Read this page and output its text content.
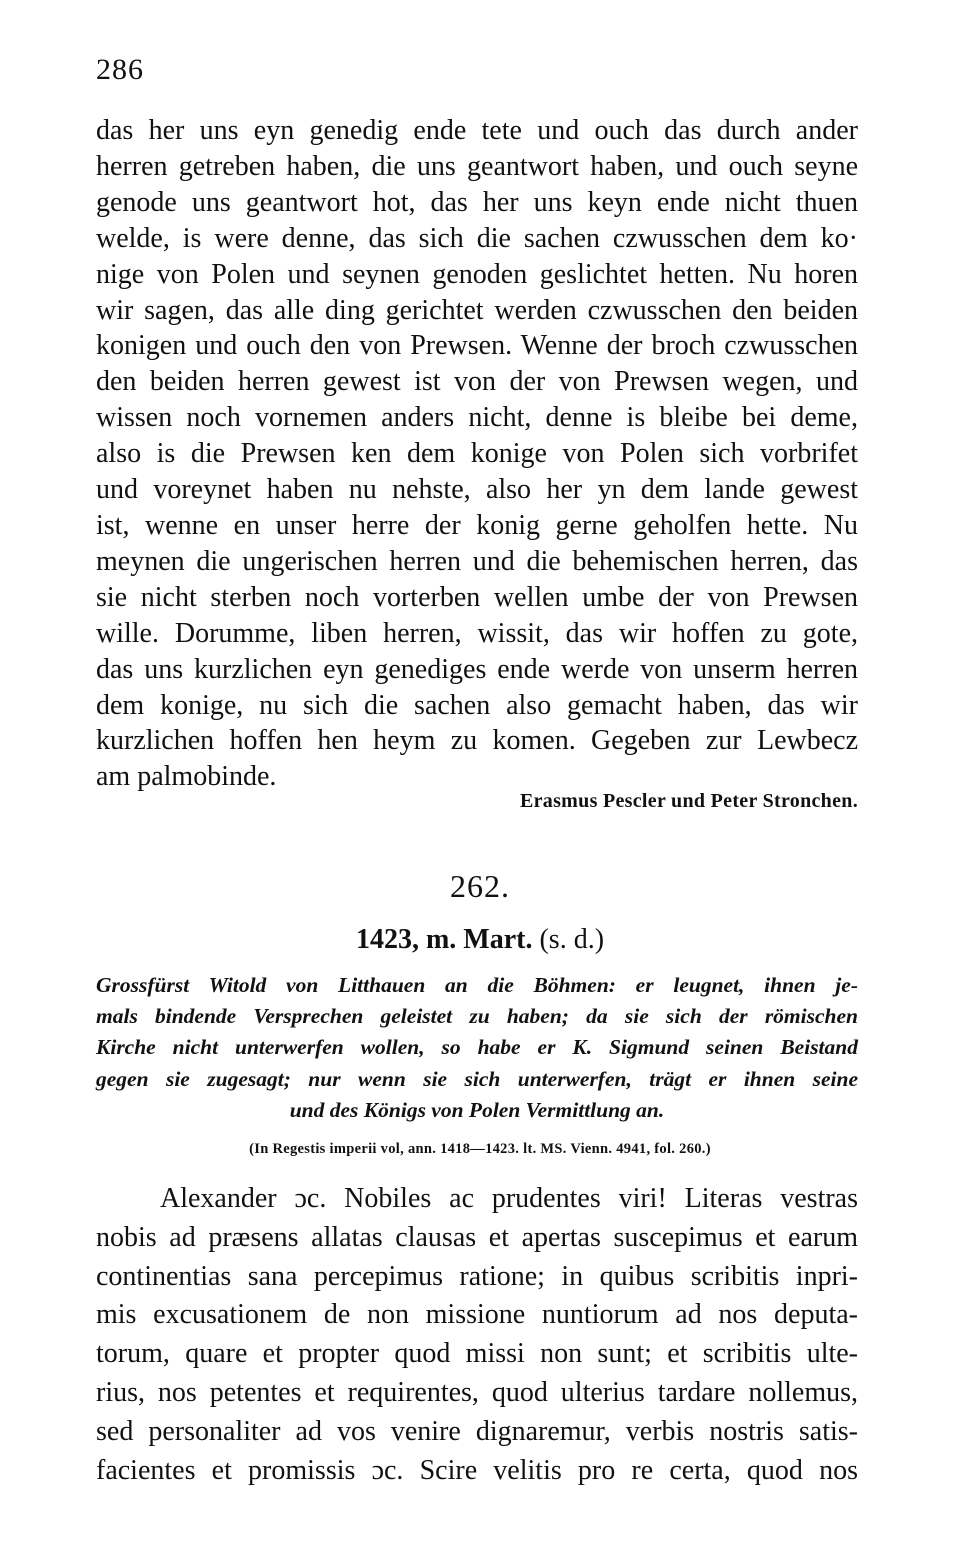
286
das her uns eyn genedig ende tete und ouch das durch ander
herren getreben haben, die uns geantwort haben, und ouch seyne
genode uns geantwort hot, das her uns keyn ende nicht thuen
welde, is were denne, das sich die sachen czwusschen dem ko·
nige von Polen und seynen genoden geslichtet hetten. Nu horen
wir sagen, das alle ding gerichtet werden czwusschen den beiden
konigen und ouch den von Prewsen. Wenne der broch czwusschen
den beiden herren gewest ist von der von Prewsen wegen, und
wissen noch vornemen anders nicht, denne is bleibe bei deme,
also is die Prewsen ken dem konige von Polen sich vorbrifet
und voreynet haben nu nehste, also her yn dem lande gewest
ist, wenne en unser herre der konig gerne geholfen hette. Nu
meynen die ungerischen herren und die behemischen herren, das
sie nicht sterben noch vorterben wellen umbe der von Prewsen
wille. Dorumme, liben herren, wissit, das wir hoffen zu gote,
das uns kurzlichen eyn genediges ende werde von unserm herren
dem konige, nu sich die sachen also gemacht haben, das wir
kurzlichen hoffen hen heym zu komen. Gegeben zur Lewbecz
am palmobinde.
Erasmus Pescler und Peter Stronchen.
262.
1423, m. Mart. (s. d.)
Grossfürst Witold von Litthauen an die Böhmen: er leugnet, ihnen je-
mals bindende Versprechen geleistet zu haben; da sie sich der römischen
Kirche nicht unterwerfen wollen, so habe er K. Sigmund seinen Beistand
gegen sie zugesagt; nur wenn sie sich unterwerfen, trägt er ihnen seine
und des Königs von Polen Vermittlung an.
(In Regestis imperii vol, ann. 1418—1423. lt. MS. Vienn. 4941, fol. 260.)
Alexander ɔc. Nobiles ac prudentes viri! Literas vestras
nobis ad præsens allatas clausas et apertas suscepimus et earum
continentias sana percepimus ratione; in quibus scribitis inpri-
mis excusationem de non missione nuntiorum ad nos deputa-
torum, quare et propter quod missi non sunt; et scribitis ulte-
rius, nos petentes et requirentes, quod ulterius tardare nollemus,
sed personaliter ad vos venire dignaremur, verbis nostris satis-
facientes et promissis ɔc. Scire velitis pro re certa, quod nos
